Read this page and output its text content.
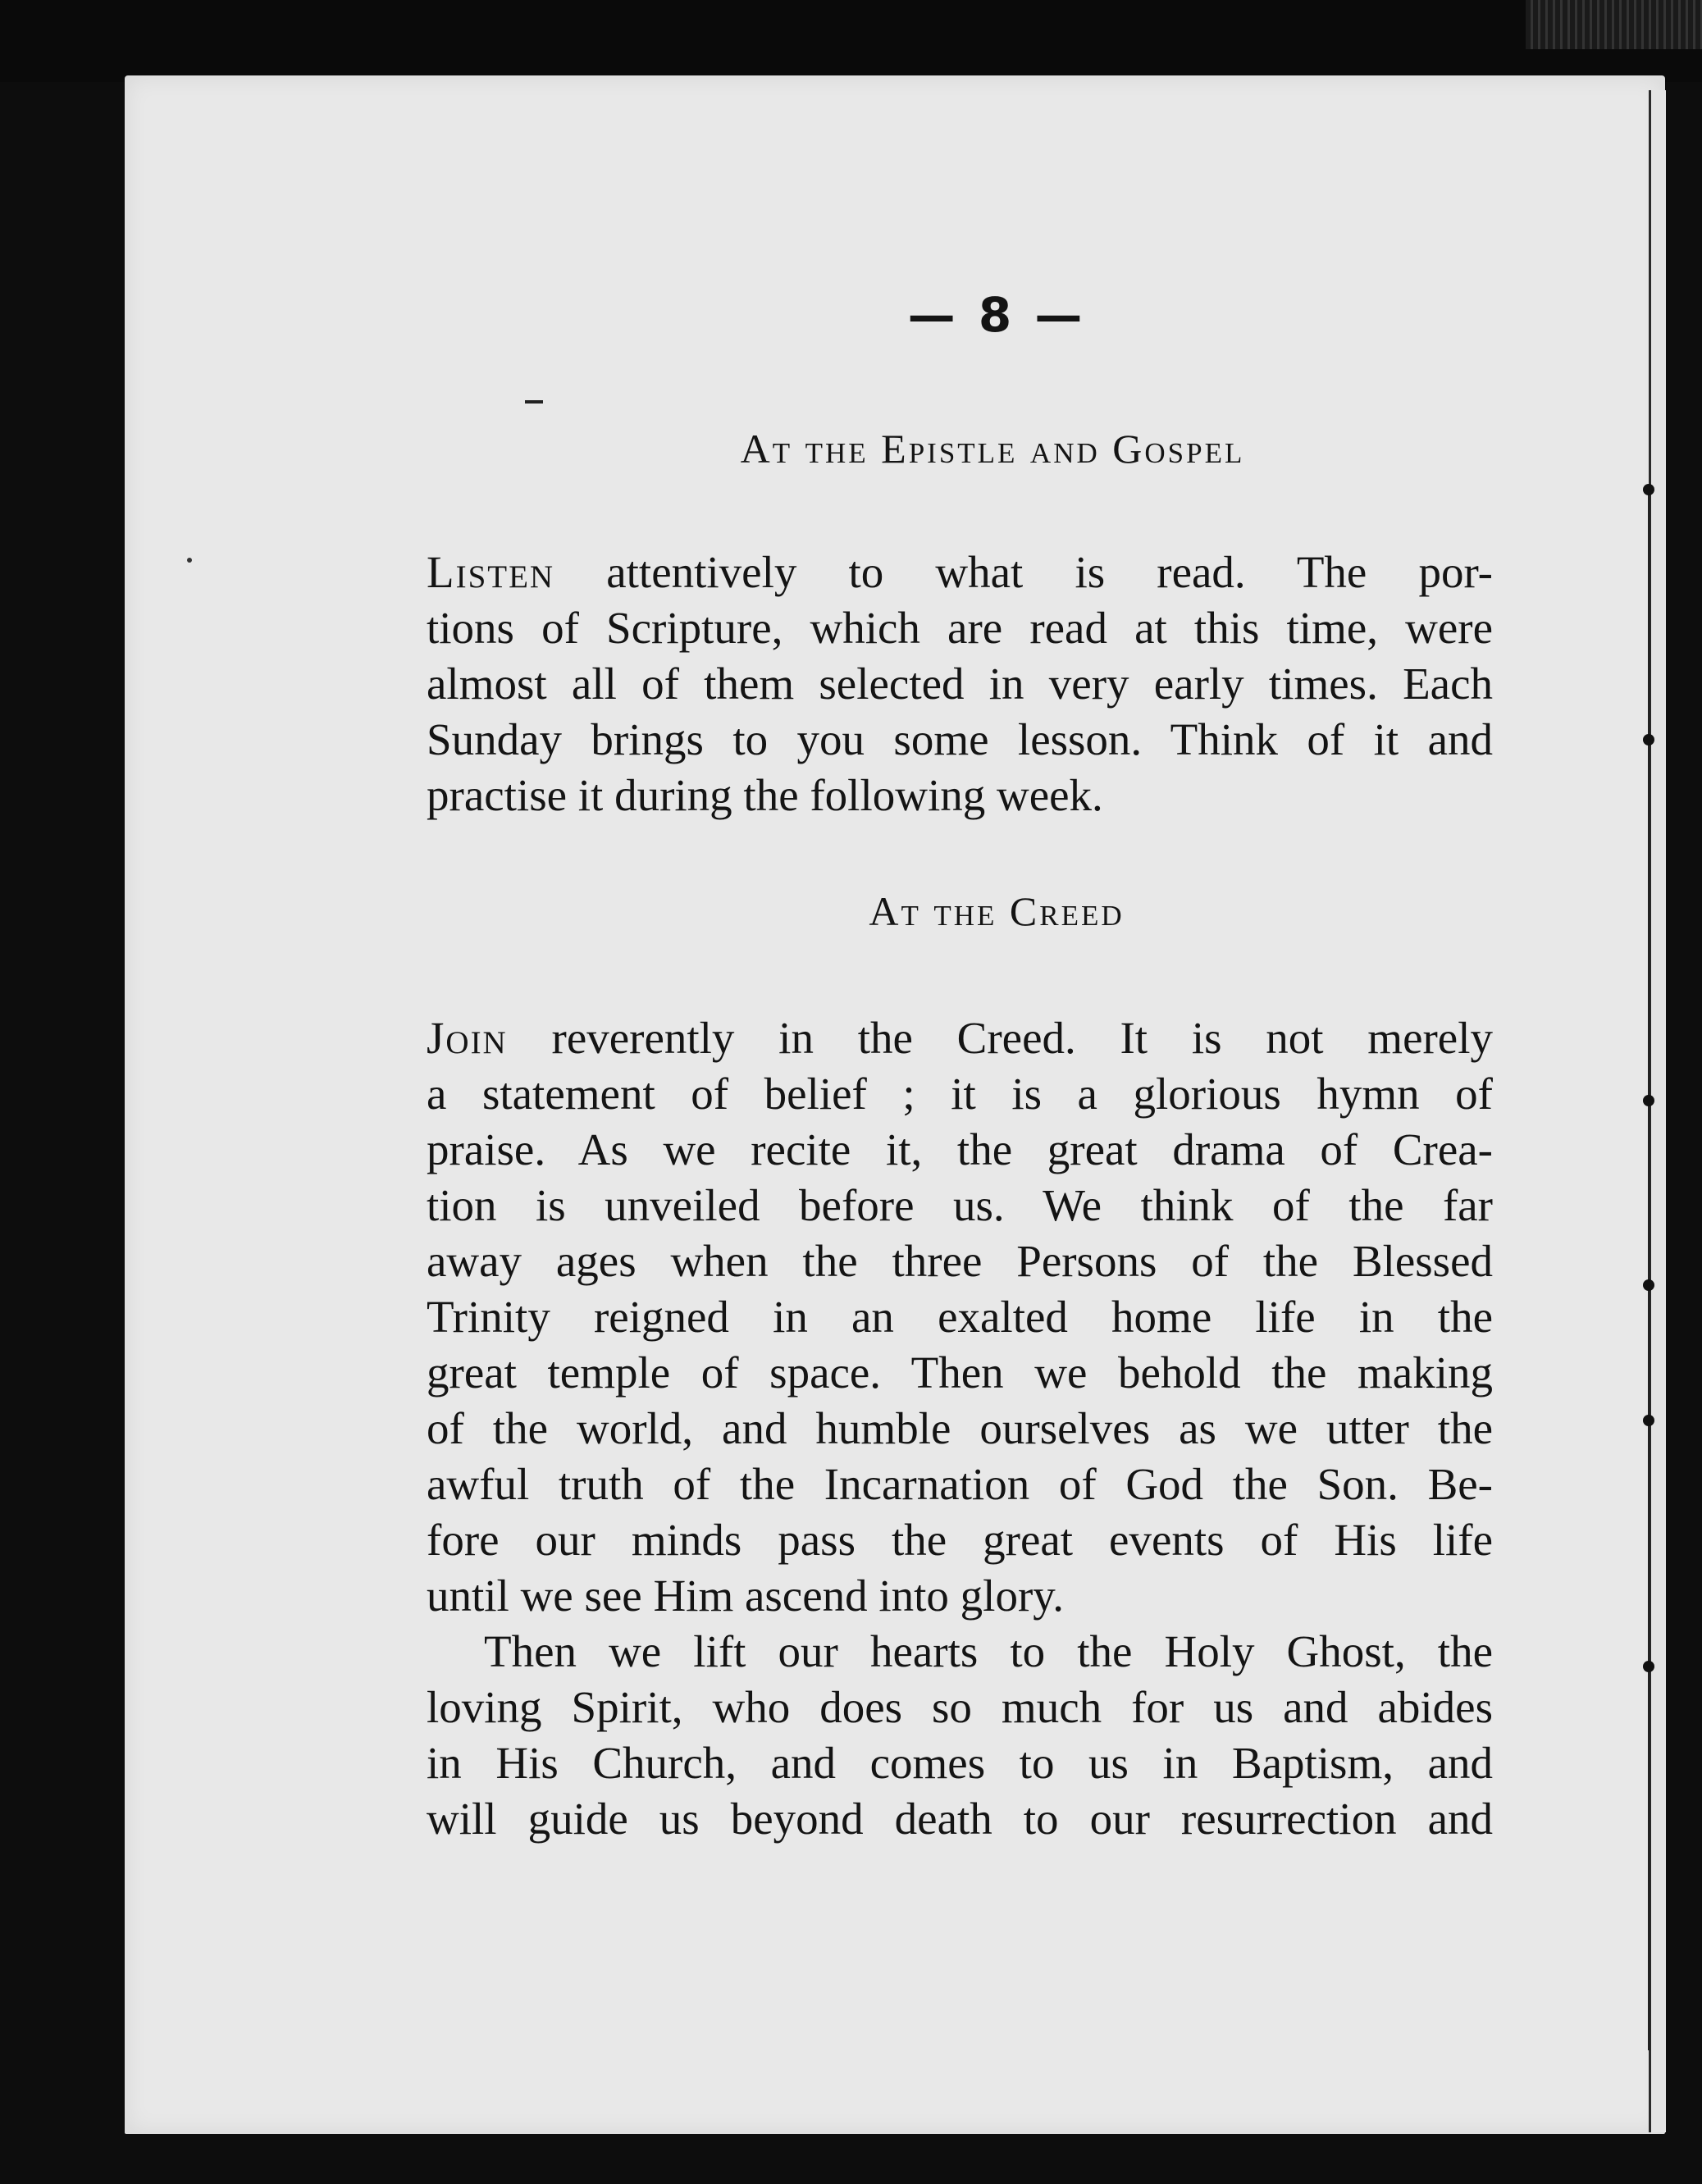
— 8 —
At the Epistle and Gospel
Listen attentively to what is read. The por-
tions of Scripture, which are read at this time, were
almost all of them selected in very early times. Each
Sunday brings to you some lesson. Think of it and
practise it during the following week.
At the Creed
Join reverently in the Creed. It is not merely
a statement of belief ; it is a glorious hymn of
praise. As we recite it, the great drama of Crea-
tion is unveiled before us. We think of the far
away ages when the three Persons of the Blessed
Trinity reigned in an exalted home life in the
great temple of space. Then we behold the making
of the world, and humble ourselves as we utter the
awful truth of the Incarnation of God the Son. Be-
fore our minds pass the great events of His life
until we see Him ascend into glory.
Then we lift our hearts to the Holy Ghost, the
loving Spirit, who does so much for us and abides
in His Church, and comes to us in Baptism, and
will guide us beyond death to our resurrection and
